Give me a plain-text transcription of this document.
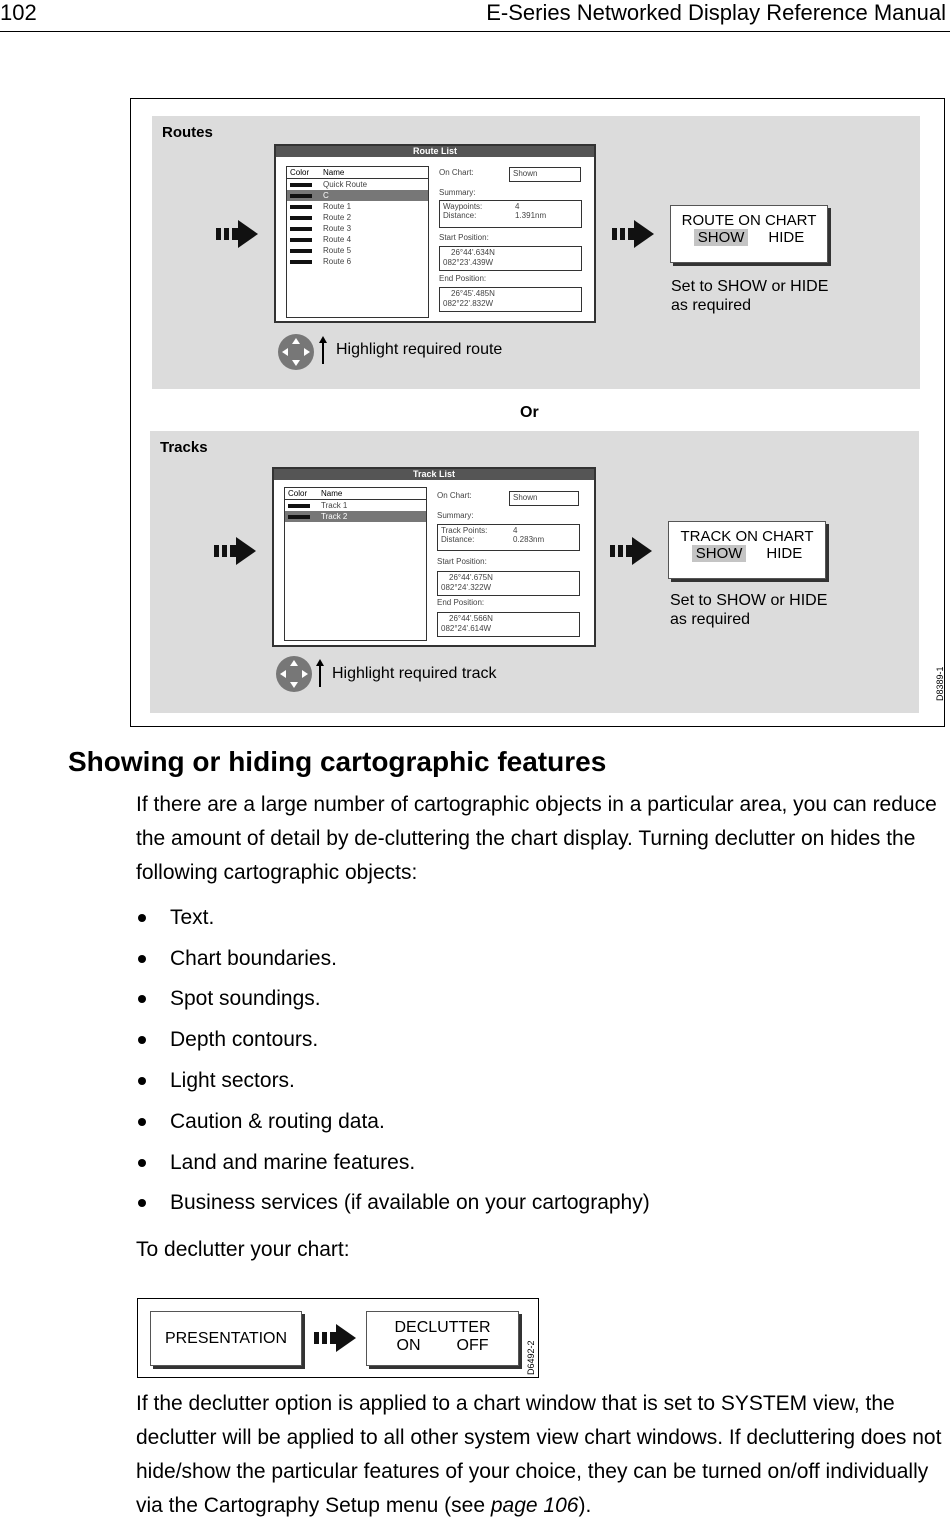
102	E-Series Networked Display Reference Manual
Routes
Route List
Color	Name
Quick Route
C
Route 1
Route 2
Route 3
Route 4
Route 5
Route 6
On Chart:	Shown
Summary:
Waypoints:	4
Distance:	1.391nm
Start Position:
26°44'.634N
082°23'.439W
End Position:
26°45'.485N
082°22'.832W
ROUTE ON CHART
SHOW HIDE
Set to SHOW or HIDE
as required
Highlight required route
Or
Tracks
Track List
Color	Name
Track 1
Track 2
On Chart:	Shown
Summary:
Track Points:	4
Distance:	0.283nm
Start Position:
26°44'.675N
082°24'.322W
End Position:
26°44'.566N
082°24'.614W
TRACK ON CHART
SHOW HIDE
Set to SHOW or HIDE
as required
Highlight required track	D8389-1
Showing or hiding cartographic features
If there are a large number of cartographic objects in a particular area, you can reduce the amount of detail by de-cluttering the chart display. Turning declutter on hides the following cartographic objects:
Text.
Chart boundaries.
Spot soundings.
Depth contours.
Light sectors.
Caution & routing data.
Land and marine features.
Business services (if available on your cartography)
To declutter your chart:
PRESENTATION
DECLUTTER
ON OFF	D6492-2
If the declutter option is applied to a chart window that is set to SYSTEM view, the declutter will be applied to all other system view chart windows. If decluttering does not hide/show the particular features of your choice, they can be turned on/off individually via the Cartography Setup menu (see page 106).
